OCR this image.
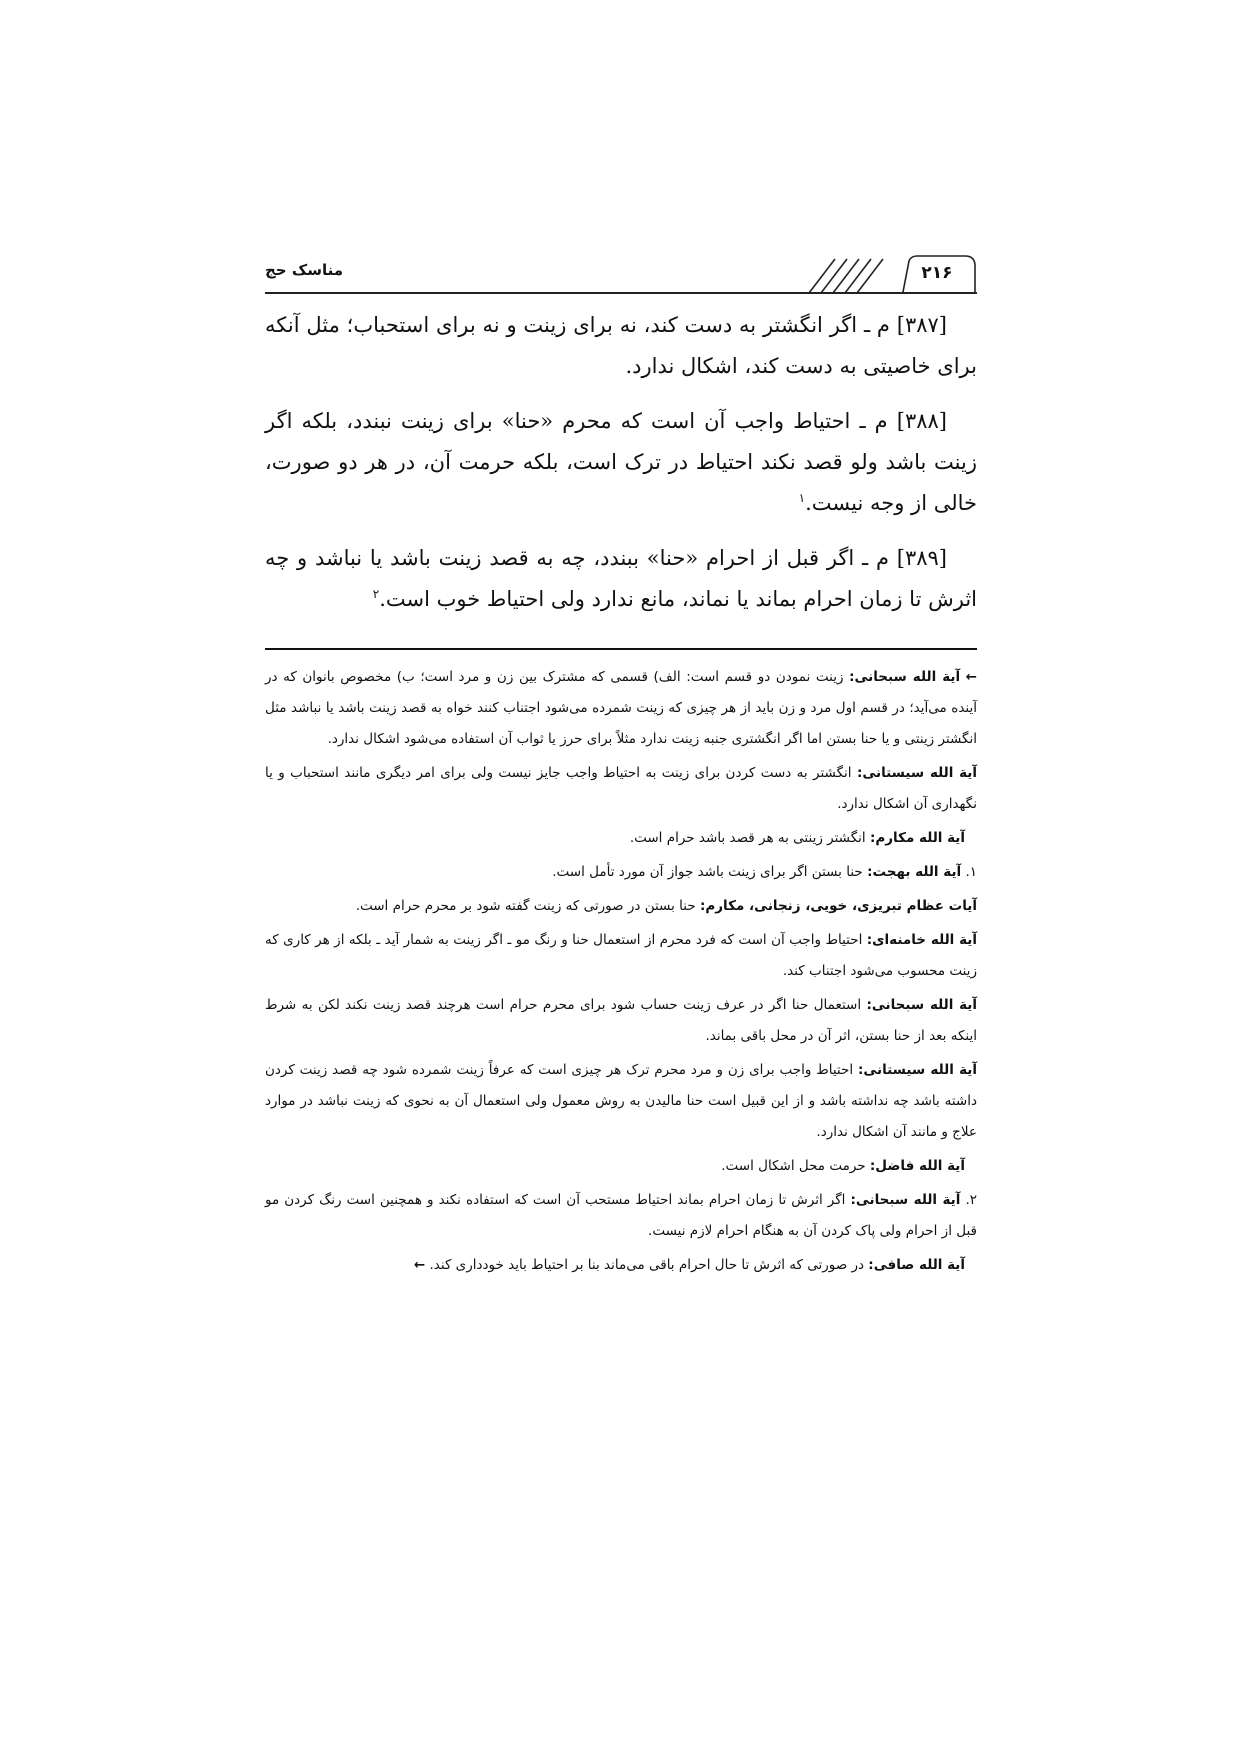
مناسک حج	۲۱۶

[۳۸۷] م ـ اگر انگشتر به دست کند، نه برای زینت و نه برای استحباب؛ مثل آنکه برای خاصیتی به دست کند، اشکال ندارد.

[۳۸۸] م ـ احتیاط واجب آن است که محرم «حنا» برای زینت نبندد، بلکه اگر زینت باشد ولو قصد نکند احتیاط در ترک است، بلکه حرمت آن، در هر دو صورت، خالی از وجه نیست.$^۱$

[۳۸۹] م ـ اگر قبل از احرام «حنا» ببندد، چه به قصد زینت باشد یا نباشد و چه اثرش تا زمان احرام بماند یا نماند، مانع ندارد ولی احتیاط خوب است.$^۲$

← آیة الله سبحانی: زینت نمودن دو قسم است: الف) قسمی که مشترک بین زن و مرد است؛ ب) مخصوص بانوان که در آینده می‌آید؛ در قسم اول مرد و زن باید از هر چیزی که زینت شمرده می‌شود اجتناب کنند خواه به قصد زینت باشد یا نباشد مثل انگشتر زینتی و یا حنا بستن اما اگر انگشتری جنبه زینت ندارد مثلاً برای حرز یا ثواب آن استفاده می‌شود اشکال ندارد.

آیة الله سیستانی: انگشتر به دست کردن برای زینت به احتیاط واجب جایز نیست ولی برای امر دیگری مانند استحباب و یا نگهداری آن اشکال ندارد.

آیة الله مکارم: انگشتر زینتی به هر قصد باشد حرام است.

۱. آیة الله بهجت: حنا بستن اگر برای زینت باشد جواز آن مورد تأمل است.

آیات عظام تبریزی، خویی، زنجانی، مکارم: حنا بستن در صورتی که زینت گفته شود بر محرم حرام است.

آیة الله خامنه‌ای: احتیاط واجب آن است که فرد محرم از استعمال حنا و رنگ مو ـ اگر زینت به شمار آید ـ بلکه از هر کاری که زینت محسوب می‌شود اجتناب کند.

آیة الله سبحانی: استعمال حنا اگر در عرف زینت حساب شود برای محرم حرام است هرچند قصد زینت نکند لکن به شرط اینکه بعد از حنا بستن، اثر آن در محل باقی بماند.

آیة الله سیستانی: احتیاط واجب برای زن و مرد محرم ترک هر چیزی است که عرفاً زینت شمرده شود چه قصد زینت کردن داشته باشد چه نداشته باشد و از این قبیل است حنا مالیدن به روش معمول ولی استعمال آن به نحوی که زینت نباشد در موارد علاج و مانند آن اشکال ندارد.

آیة الله فاضل: حرمت محل اشکال است.

۲. آیة الله سبحانی: اگر اثرش تا زمان احرام بماند احتیاط مستحب آن است که استفاده نکند و همچنین است رنگ کردن مو قبل از احرام ولی پاک کردن آن به هنگام احرام لازم نیست.

آیة الله صافی: در صورتی که اثرش تا حال احرام باقی می‌ماند بنا بر احتیاط باید خودداری کند. ←
